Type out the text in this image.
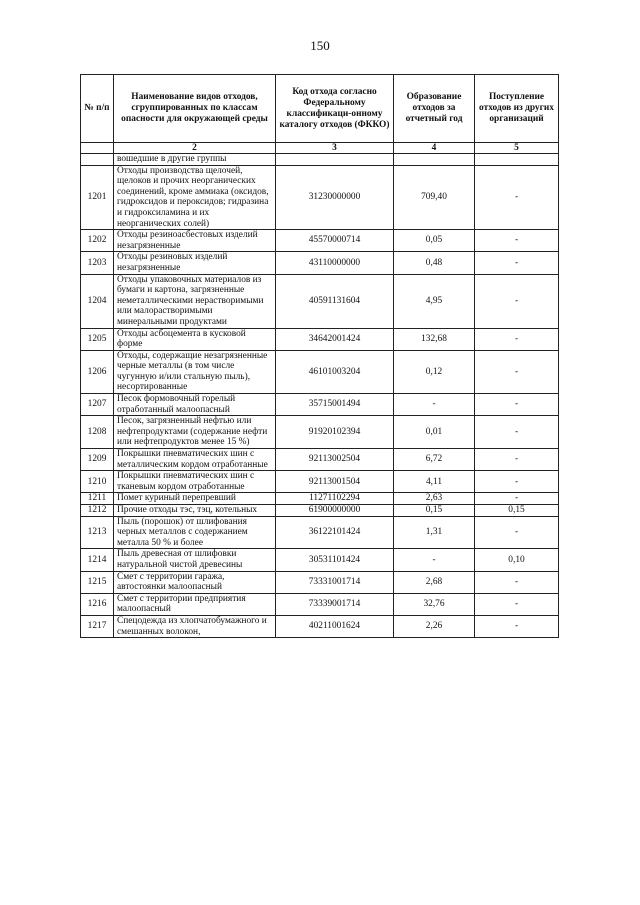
150
№ п/п	Наименование видов отходов, сгруппированных по классам опасности для окружающей среды	Код отхода согласно Федеральному классификаци-онному каталогу отходов (ФККО)	Образование отходов за отчетный год	Поступление отходов из других организаций
	2	3	4	5
	вошедшие в другие группы			
1201	Отходы производства щелочей, щелоков и прочих неорганических соединений, кроме аммиака (оксидов, гидроксидов и пероксидов; гидразина и гидроксиламина и их неорганических солей)	31230000000	709,40	-
1202	Отходы резиноасбестовых изделий незагрязненные	45570000714	0,05	-
1203	Отходы резиновых изделий незагрязненные	43110000000	0,48	-
1204	Отходы упаковочных материалов из бумаги и картона, загрязненные неметаллическими нерастворимыми или малорастворимыми минеральными продуктами	40591131604	4,95	-
1205	Отходы асбоцемента в кусковой форме	34642001424	132,68	-
1206	Отходы, содержащие незагрязненные черные металлы (в том числе чугунную и/или стальную пыль), несортированные	46101003204	0,12	-
1207	Песок формовочный горелый отработанный малоопасный	35715001494	-	-
1208	Песок, загрязненный нефтью или нефтепродуктами (содержание нефти или нефтепродуктов менее 15 %)	91920102394	0,01	-
1209	Покрышки пневматических шин с металлическим кордом отработанные	92113002504	6,72	-
1210	Покрышки пневматических шин с тканевым кордом отработанные	92113001504	4,11	-
1211	Помет куриный перепревший	11271102294	2,63	-
1212	Прочие отходы тэс, тэц, котельных	61900000000	0,15	0,15
1213	Пыль (порошок) от шлифования черных металлов с содержанием металла 50 % и более	36122101424	1,31	-
1214	Пыль древесная от шлифовки натуральной чистой древесины	30531101424	-	0,10
1215	Смет с территории гаража, автостоянки малоопасный	73331001714	2,68	-
1216	Смет с территории предприятия малоопасный	73339001714	32,76	-
1217	Спецодежда из хлопчатобумажного и смешанных волокон,	40211001624	2,26	-
